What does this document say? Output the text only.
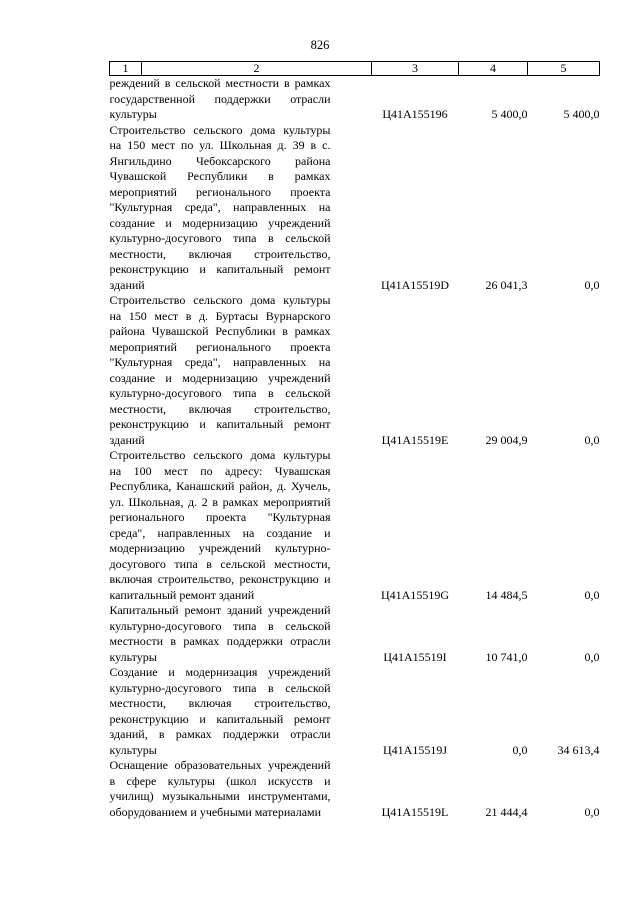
826
1	2	3	4	5

реждений в сельской местности в рамках государственной поддержки отрасли культуры		Ц41А155196	5 400,0	5 400,0

Строительство сельского дома культуры на 150 мест по ул. Школьная д. 39 в с. Янгильдино Чебоксарского района Чувашской Республики в рамках мероприятий регионального проекта "Культурная среда", направленных на создание и модернизацию учреждений культурно-досугового типа в сельской местности, включая строительство, реконструкцию и капитальный ремонт зданий		Ц41А15519D	26 041,3	0,0

Строительство сельского дома культуры на 150 мест в д. Буртасы Вурнарского района Чувашской Республики в рамках мероприятий регионального проекта "Культурная среда", направленных на создание и модернизацию учреждений культурно-досугового типа в сельской местности, включая строительство, реконструкцию и капитальный ремонт зданий		Ц41А15519E	29 004,9	0,0

Строительство сельского дома культуры на 100 мест по адресу: Чувашская Республика, Канашский район, д. Хучель, ул. Школьная, д. 2 в рамках мероприятий регионального проекта "Культурная среда", направленных на создание и модернизацию учреждений культурно-досугового типа в сельской местности, включая строительство, реконструкцию и капитальный ремонт зданий		Ц41А15519G	14 484,5	0,0

Капитальный ремонт зданий учреждений культурно-досугового типа в сельской местности в рамках поддержки отрасли культуры		Ц41А15519I	10 741,0	0,0

Создание и модернизация учреждений культурно-досугового типа в сельской местности, включая строительство, реконструкцию и капитальный ремонт зданий, в рамках поддержки отрасли культуры		Ц41А15519J	0,0	34 613,4

Оснащение образовательных учреждений в сфере культуры (школ искусств и училищ) музыкальными инструментами, оборудованием и учебными материалами		Ц41А15519L	21 444,4	0,0
